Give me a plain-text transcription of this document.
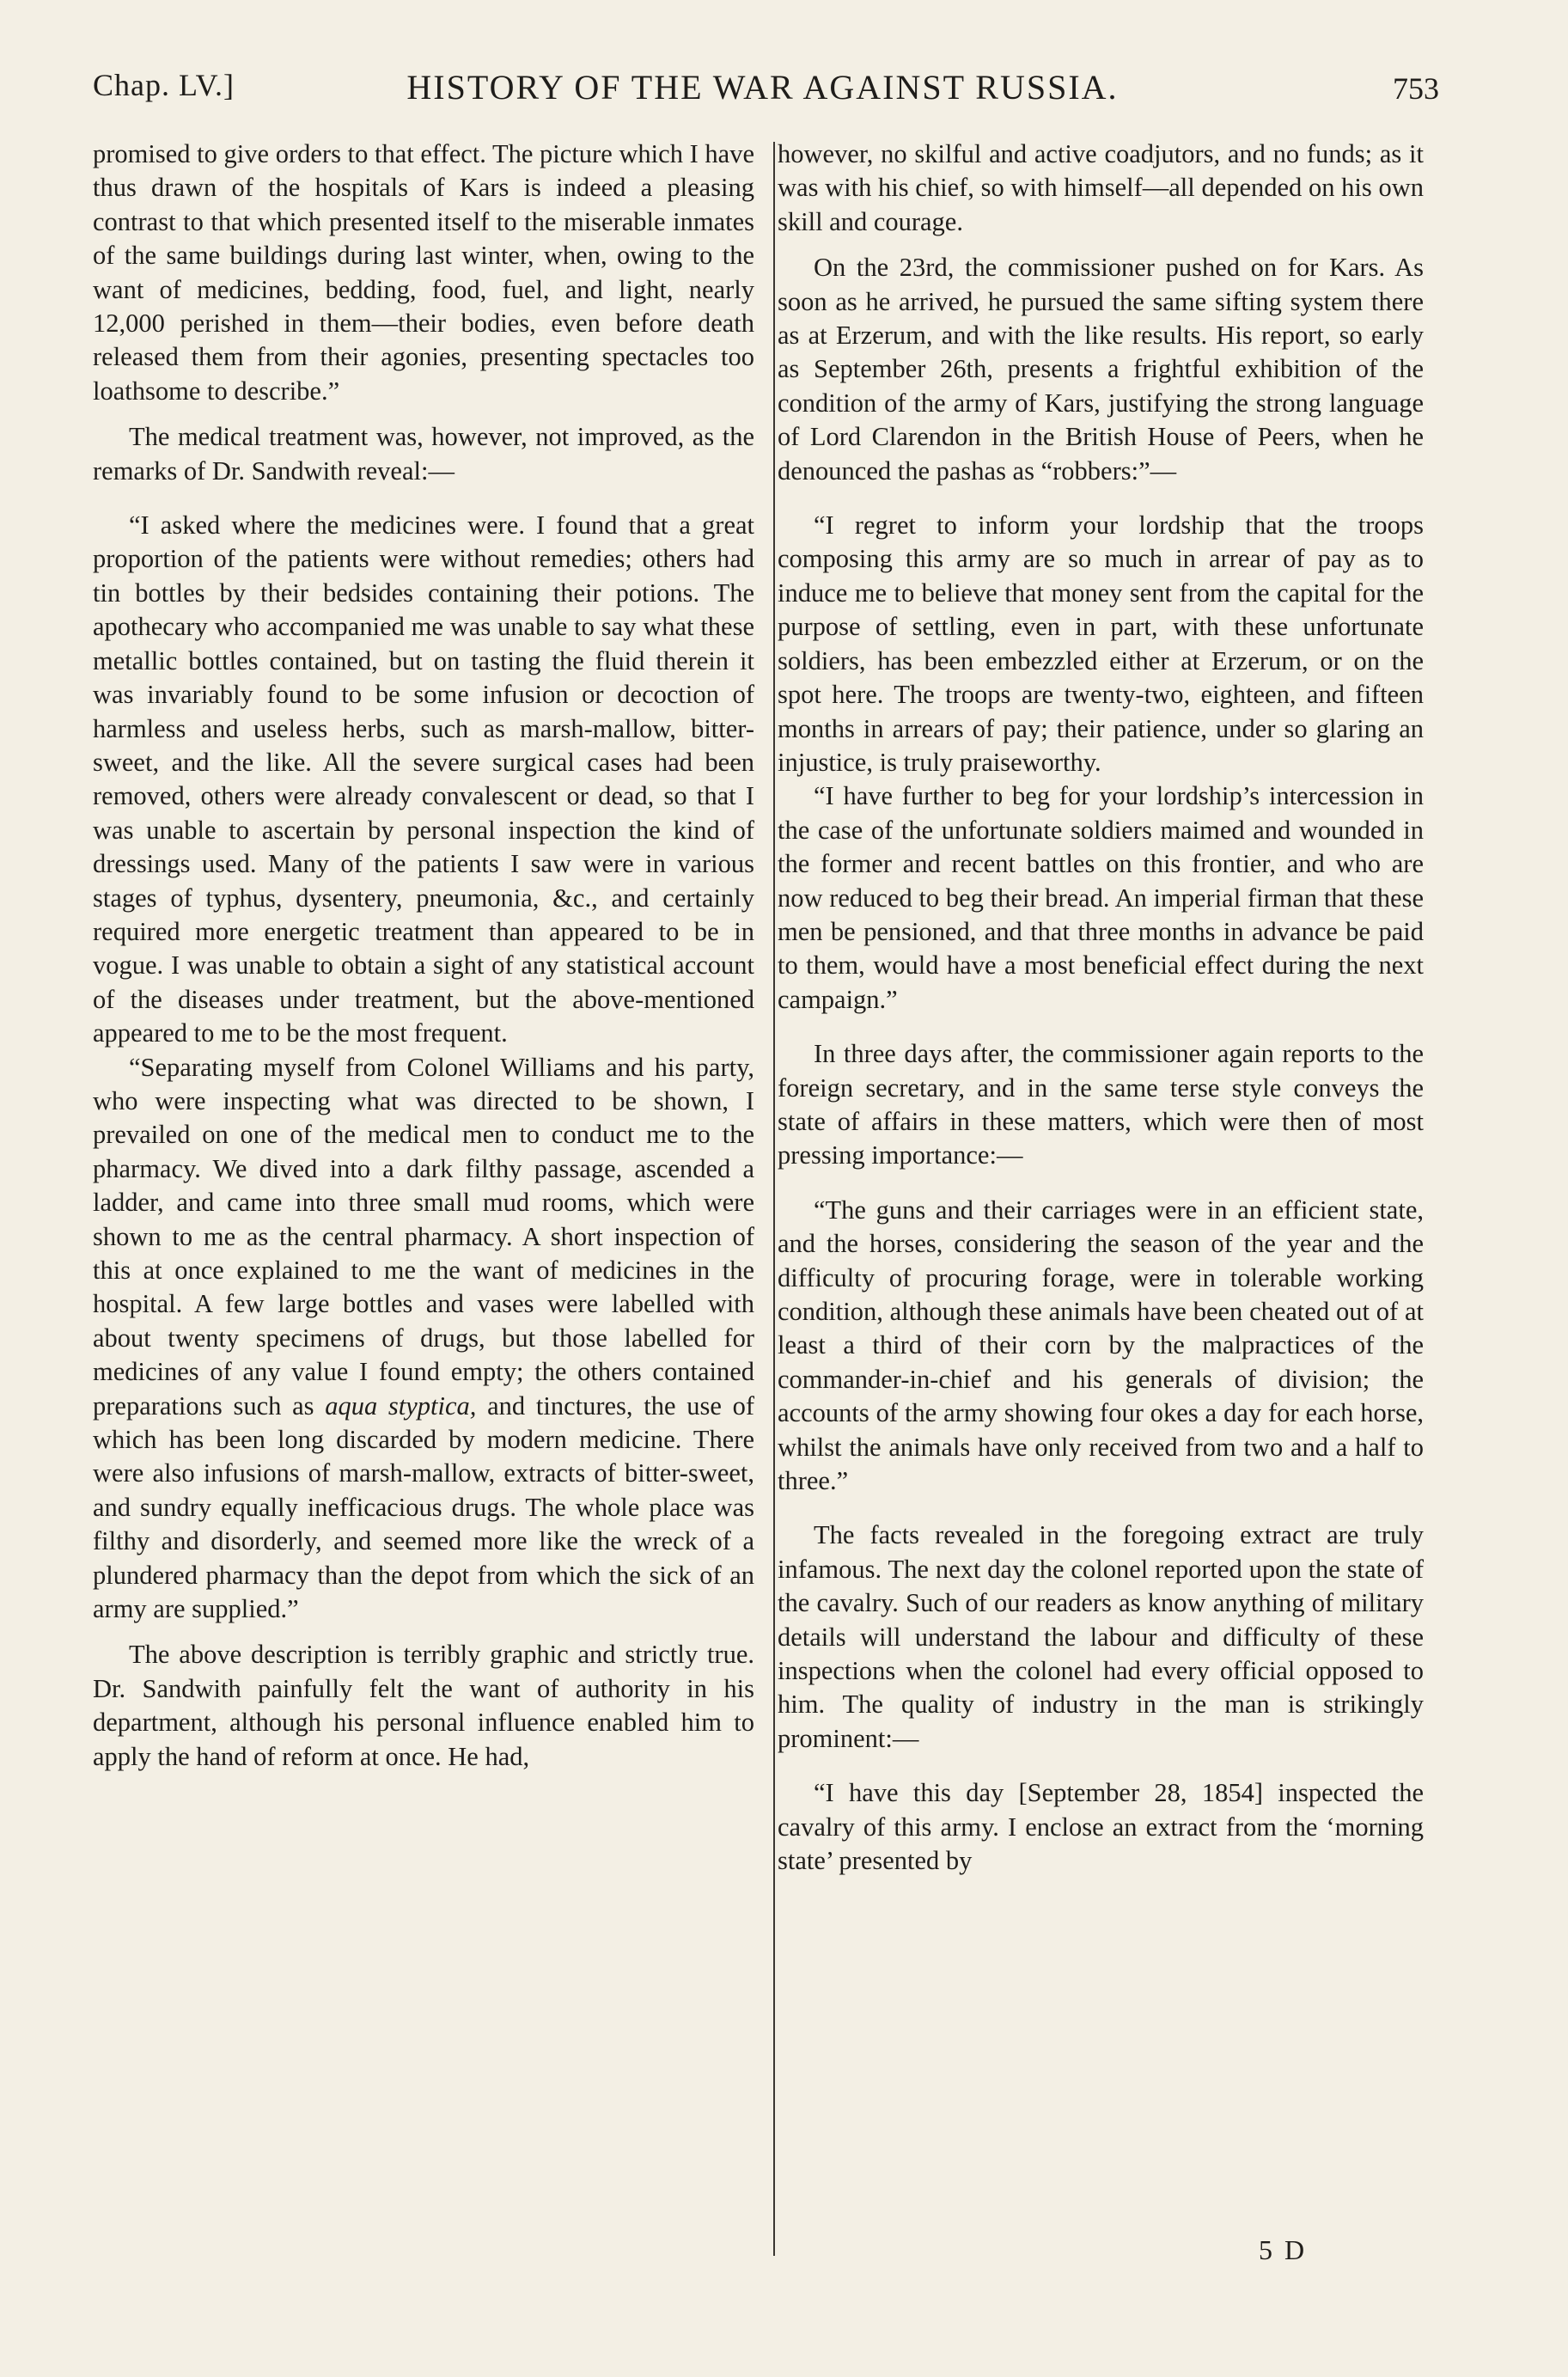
Chap. LV.]	HISTORY OF THE WAR AGAINST RUSSIA.	753

promised to give orders to that effect. The picture which I have thus drawn of the hospitals of Kars is indeed a pleasing contrast to that which presented itself to the miserable inmates of the same buildings during last winter, when, owing to the want of medicines, bedding, food, fuel, and light, nearly 12,000 perished in them—their bodies, even before death released them from their agonies, presenting spectacles too loathsome to describe.”

The medical treatment was, however, not improved, as the remarks of Dr. Sandwith reveal:—

“I asked where the medicines were. I found that a great proportion of the patients were without remedies; others had tin bottles by their bedsides containing their potions. The apothecary who accompanied me was unable to say what these metallic bottles contained, but on tasting the fluid therein it was invariably found to be some infusion or decoction of harmless and useless herbs, such as marsh-mallow, bitter-sweet, and the like. All the severe surgical cases had been removed, others were already convalescent or dead, so that I was unable to ascertain by personal inspection the kind of dressings used. Many of the patients I saw were in various stages of typhus, dysentery, pneumonia, &c., and certainly required more energetic treatment than appeared to be in vogue. I was unable to obtain a sight of any statistical account of the diseases under treatment, but the above-mentioned appeared to me to be the most frequent.

“Separating myself from Colonel Williams and his party, who were inspecting what was directed to be shown, I prevailed on one of the medical men to conduct me to the pharmacy. We dived into a dark filthy passage, ascended a ladder, and came into three small mud rooms, which were shown to me as the central pharmacy. A short inspection of this at once explained to me the want of medicines in the hospital. A few large bottles and vases were labelled with about twenty specimens of drugs, but those labelled for medicines of any value I found empty; the others contained preparations such as aqua styptica, and tinctures, the use of which has been long discarded by modern medicine. There were also infusions of marsh-mallow, extracts of bitter-sweet, and sundry equally inefficacious drugs. The whole place was filthy and disorderly, and seemed more like the wreck of a plundered pharmacy than the depot from which the sick of an army are supplied.”

The above description is terribly graphic and strictly true. Dr. Sandwith painfully felt the want of authority in his department, although his personal influence enabled him to apply the hand of reform at once. He had,

however, no skilful and active coadjutors, and no funds; as it was with his chief, so with himself—all depended on his own skill and courage.

On the 23rd, the commissioner pushed on for Kars. As soon as he arrived, he pursued the same sifting system there as at Erzerum, and with the like results. His report, so early as September 26th, presents a frightful exhibition of the condition of the army of Kars, justifying the strong language of Lord Clarendon in the British House of Peers, when he denounced the pashas as “robbers:”—

“I regret to inform your lordship that the troops composing this army are so much in arrear of pay as to induce me to believe that money sent from the capital for the purpose of settling, even in part, with these unfortunate soldiers, has been embezzled either at Erzerum, or on the spot here. The troops are twenty-two, eighteen, and fifteen months in arrears of pay; their patience, under so glaring an injustice, is truly praiseworthy.

“I have further to beg for your lordship’s intercession in the case of the unfortunate soldiers maimed and wounded in the former and recent battles on this frontier, and who are now reduced to beg their bread. An imperial firman that these men be pensioned, and that three months in advance be paid to them, would have a most beneficial effect during the next campaign.”

In three days after, the commissioner again reports to the foreign secretary, and in the same terse style conveys the state of affairs in these matters, which were then of most pressing importance:—

“The guns and their carriages were in an efficient state, and the horses, considering the season of the year and the difficulty of procuring forage, were in tolerable working condition, although these animals have been cheated out of at least a third of their corn by the malpractices of the commander-in-chief and his generals of division; the accounts of the army showing four okes a day for each horse, whilst the animals have only received from two and a half to three.”

The facts revealed in the foregoing extract are truly infamous. The next day the colonel reported upon the state of the cavalry. Such of our readers as know anything of military details will understand the labour and difficulty of these inspections when the colonel had every official opposed to him. The quality of industry in the man is strikingly prominent:—

“I have this day [September 28, 1854] inspected the cavalry of this army. I enclose an extract from the ‘morning state’ presented by

5 D
